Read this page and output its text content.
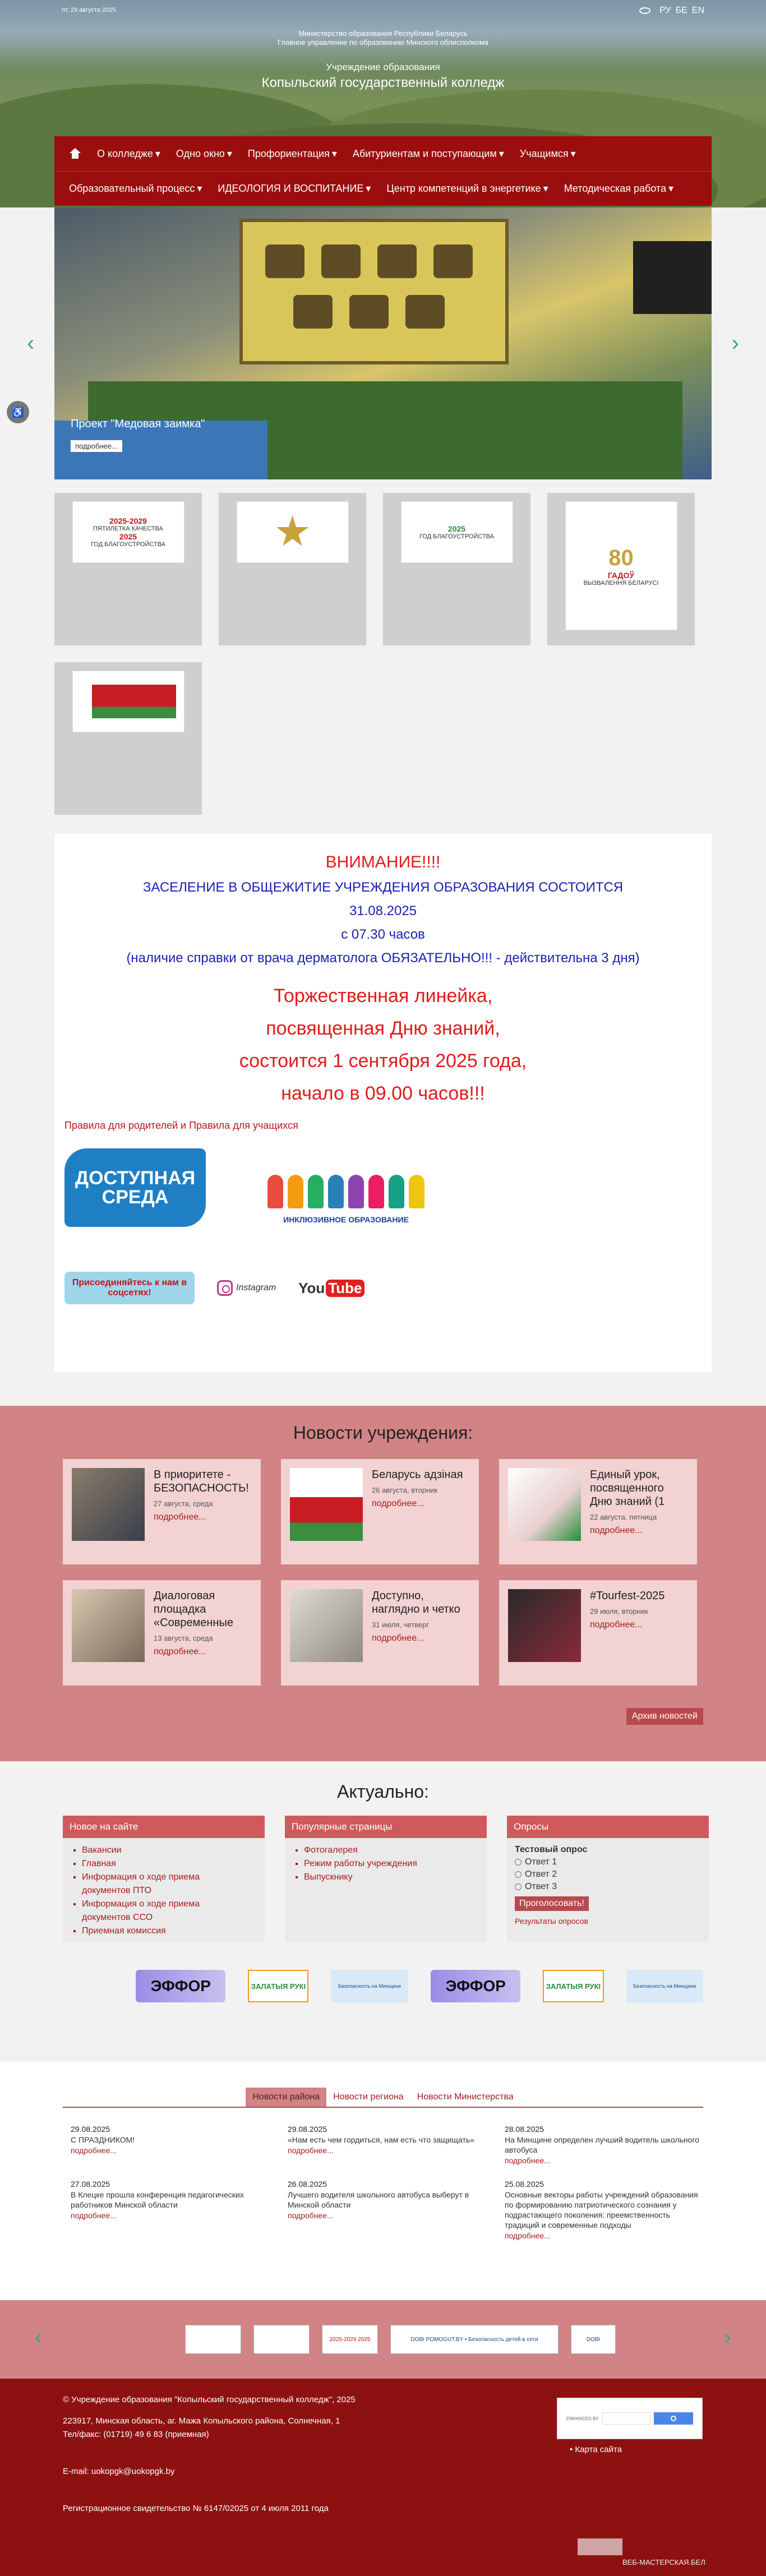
пт, 29 августа 2025	РУ БЕ EN
Министерство образования Республики Беларусь
Главное управление по образованию Минского облисполкома
Учреждение образования
Копыльский государственный колледж
О колледже ▾ Одно окно ▾ Профориентация ▾ Абитуриентам и поступающим ▾ Учащимся ▾
Образовательный процесс ▾ ИДЕОЛОГИЯ И ВОСПИТАНИЕ ▾ Центр компетенций в энергетике ▾ Методическая работа ▾
Проект "Медовая заимка"
подробнее...
‹	›
♿
2025-2029
ПЯТИЛЕТКА КАЧЕСТВА
2025
ГОД БЛАГОУСТРОЙСТВА
2025
ГОД БЛАГОУСТРОЙСТВА
80
ГАДОЎ
ВЫЗВАЛЕННЯ БЕЛАРУСІ
ВНИМАНИЕ!!!!
ЗАСЕЛЕНИЕ В ОБЩЕЖИТИЕ УЧРЕЖДЕНИЯ ОБРАЗОВАНИЯ СОСТОИТСЯ
31.08.2025
с 07.30 часов
(наличие справки от врача дерматолога ОБЯЗАТЕЛЬНО!!! - действительна 3 дня)
Торжественная линейка,
посвященная Дню знаний,
состоится 1 сентября 2025 года,
начало в 09.00 часов!!!
Правила для родителей и Правила для учащихся
ДОСТУПНАЯ СРЕДА
ИНКЛЮЗИВНОЕ ОБРАЗОВАНИЕ
Присоединяйтесь к нам в соцсетях!
Instagram You Tube
Новости учреждения:
В приоритете - БЕЗОПАСНОСТЬ!
27 августа, среда
подробнее...
Беларусь адзiная
26 августа, вторник
подробнее...
Единый урок, посвященного Дню знаний (1
22 августа, пятница
подробнее...
Диалоговая площадка «Современные
13 августа, среда
подробнее...
Доступно, наглядно и четко
31 июля, четверг
подробнее...
#Tourfest-2025
29 июля, вторник
подробнее...
Архив новостей
Актуально:
Новое на сайте
▪ Вакансии
▪ Главная
▪ Информация о ходе приема документов ПТО
▪ Информация о ходе приема документов ССО
▪ Приемная комиссия
Популярные страницы
▪ Фотогалерея
▪ Режим работы учреждения
▪ Выпускнику
Опросы
Тестовый опрос
Ответ 1
Ответ 2
Ответ 3
Проголосовать!
Результаты опросов
ЭФФОР	ЗАЛАТЫЯ РУКІ	Безопасность на Минщине	ЭФФОР	ЗАЛАТЫЯ РУКІ	Безопасность на Минщине
Новости района	Новости региона	Новости Министерства
29.08.2025
С ПРАЗДНИКОМ!
подробнее...
29.08.2025
«Нам есть чем гордиться, нам есть что защищать»
подробнее...
28.08.2025
На Минщине определен лучший водитель школьного автобуса
подробнее...
27.08.2025
В Клецке прошла конференция педагогических работников Минской области
подробнее...
26.08.2025
Лучшего водителя школьного автобуса выберут в Минской области
подробнее...
25.08.2025
Основные векторы работы учреждений образования по формированию патриотического сознания у подрастающего поколения: преемственность традиций и современные подходы
подробнее...
‹	2025-2029 2025	DOBI POMOGUT.BY • Безопасность детей в сети	DOBI	›

© Учреждение образования "Копыльский государственный колледж", 2025

223917, Минская область, аг. Мажа Копыльского района, Солнечная, 1

Тел/факс: (01719) 49 6 83 (приемная)

E-mail: uokopgk@uokopgk.by

Регистрационное свидетельство № 6147/02025 от 4 июля 2011 года

ENHANCED BY
• Карта сайта
ВЕБ-МАСТЕРСКАЯ.БЕЛ
